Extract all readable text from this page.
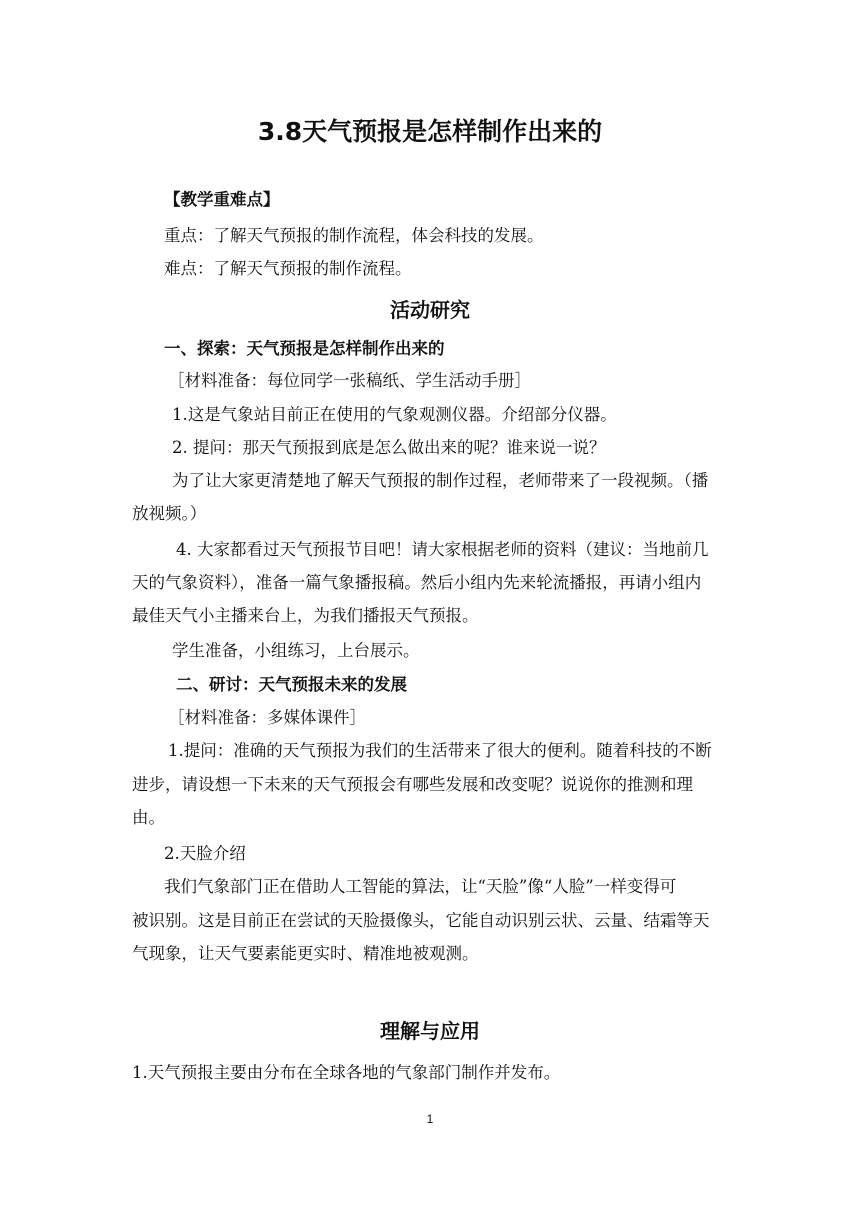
3.8天气预报是怎样制作出来的
【教学重难点】
重点：了解天气预报的制作流程，体会科技的发展。
难点：了解天气预报的制作流程。
活动研究
一、探索：天气预报是怎样制作出来的
［材料准备：每位同学一张稿纸、学生活动手册］
1.这是气象站目前正在使用的气象观测仪器。介绍部分仪器。
2. 提问：那天气预报到底是怎么做出来的呢？谁来说一说？
为了让大家更清楚地了解天气预报的制作过程，老师带来了一段视频。（播
放视频。）
4. 大家都看过天气预报节目吧！请大家根据老师的资料（建议：当地前几
天的气象资料），准备一篇气象播报稿。然后小组内先来轮流播报，再请小组内
最佳天气小主播来台上，为我们播报天气预报。
学生准备，小组练习，上台展示。
二、研讨：天气预报未来的发展
［材料准备：多媒体课件］
1.提问：准确的天气预报为我们的生活带来了很大的便利。随着科技的不断
进步，请设想一下未来的天气预报会有哪些发展和改变呢？说说你的推测和理
由。
2.天脸介绍
我们气象部门正在借助人工智能的算法，让“天脸”像“人脸”一样变得可
被识别。这是目前正在尝试的天脸摄像头，它能自动识别云状、云量、结霜等天
气现象，让天气要素能更实时、精准地被观测。
理解与应用
1.天气预报主要由分布在全球各地的气象部门制作并发布。
1
